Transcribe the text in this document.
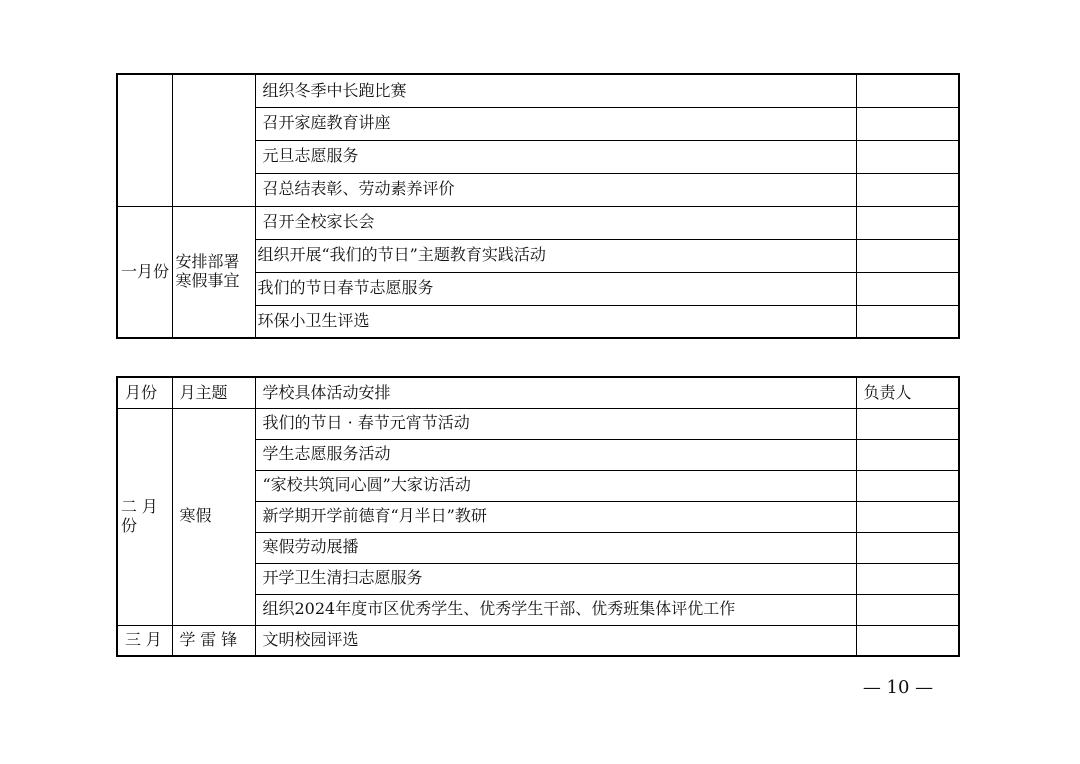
		组织冬季中长跑比赛	
		召开家庭教育讲座	
		元旦志愿服务	
		召总结表彰、劳动素养评价	
一月份	安排部署寒假事宜	召开全校家长会	
		组织开展“我们的节日”主题教育实践活动	
		我们的节日春节志愿服务	
		环保小卫生评选	
月份	月主题	学校具体活动安排	负责人
二月份	寒假	我们的节日 · 春节元宵节活动	
		学生志愿服务活动	
		“家校共筑同心圆”大家访活动	
		新学期开学前德育“月半日”教研	
		寒假劳动展播	
		开学卫生清扫志愿服务	
		组织2024年度市区优秀学生、优秀学生干部、优秀班集体评优工作	
三月	学雷锋	文明校园评选	
— 10 —
